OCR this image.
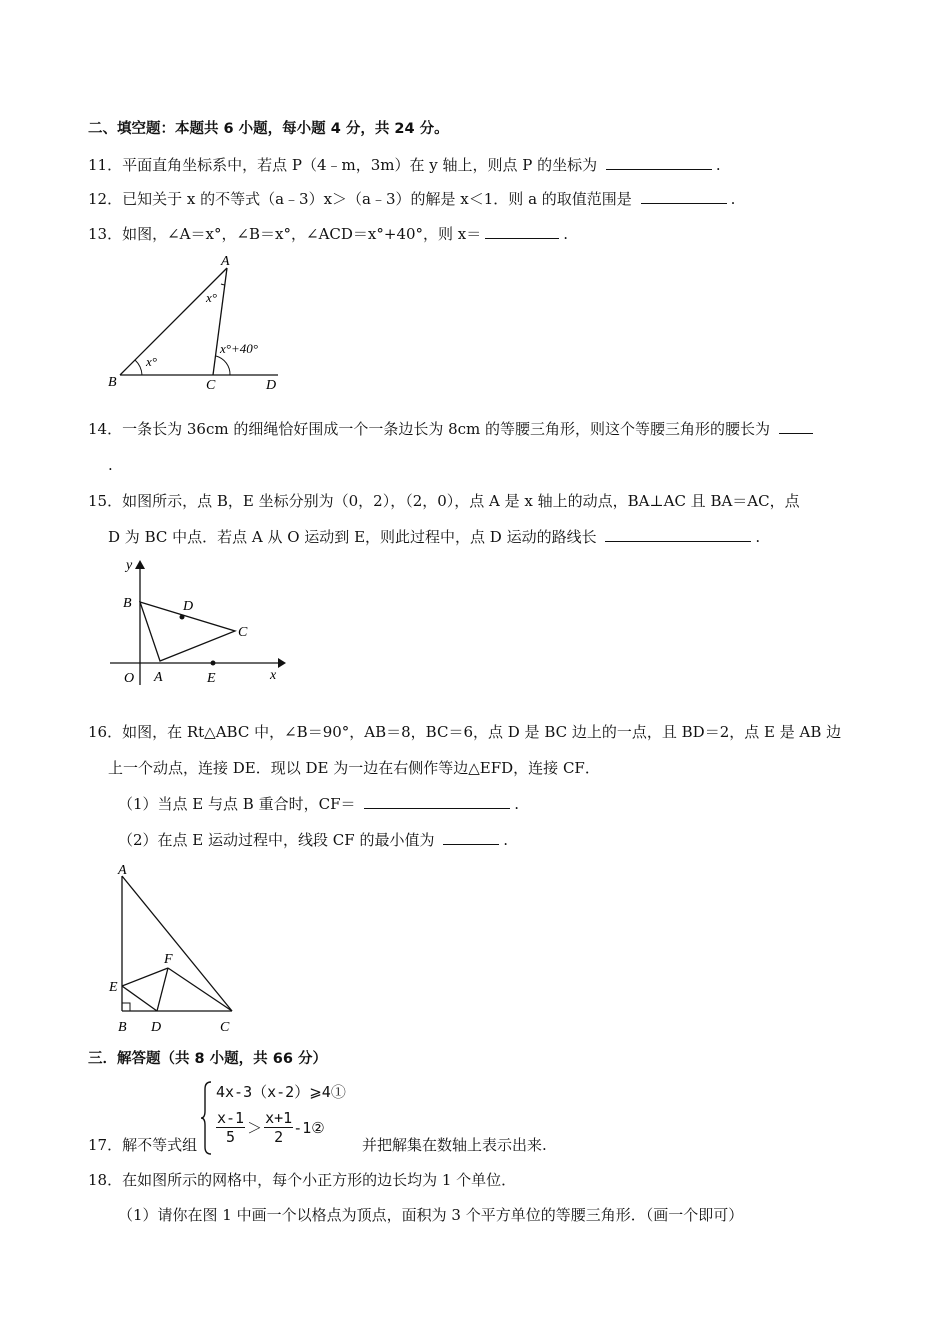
二、填空题：本题共 6 小题，每小题 4 分，共 24 分。
11．平面直角坐标系中，若点 P（4﹣m，3m）在 y 轴上，则点 P 的坐标为	.
12．已知关于 x 的不等式（a﹣3）x＞（a﹣3）的解是 x＜1．则 a 的取值范围是	.
13．如图，∠A＝x°，∠B＝x°，∠ACD＝x°+40°，则 x＝	.
A
B	C	D
x°
x°
x°+40°
14．一条长为 36cm 的细绳恰好围成一个一条边长为 8cm 的等腰三角形，则这个等腰三角形的腰长为
.
15．如图所示，点 B，E 坐标分别为（0，2），（2，0），点 A 是 x 轴上的动点，BA⊥AC 且 BA＝AC，点
D 为 BC 中点．若点 A 从 O 运动到 E，则此过程中，点 D 运动的路线长	.
y
x
O A
B
C
D
E
16．如图，在 Rt△ABC 中，∠B＝90°，AB＝8，BC＝6，点 D 是 BC 边上的一点，且 BD＝2，点 E 是 AB 边
上一个动点，连接 DE．现以 DE 为一边在右侧作等边△EFD，连接 CF．
（1）当点 E 与点 B 重合时，CF＝	.
（2）在点 E 运动过程中，线段 CF 的最小值为	.
A
B	C
D
E
F
三．解答题（共 8 小题，共 66 分）
17．解不等式组
4x-3（x-2）⩾4①
$\frac{x-1}{5} > \frac{x+1}{2}$ -1②
并把解集在数轴上表示出来.
18．在如图所示的网格中，每个小正方形的边长均为 1 个单位．
（1）请你在图 1 中画一个以格点为顶点，面积为 3 个平方单位的等腰三角形．（画一个即可）
